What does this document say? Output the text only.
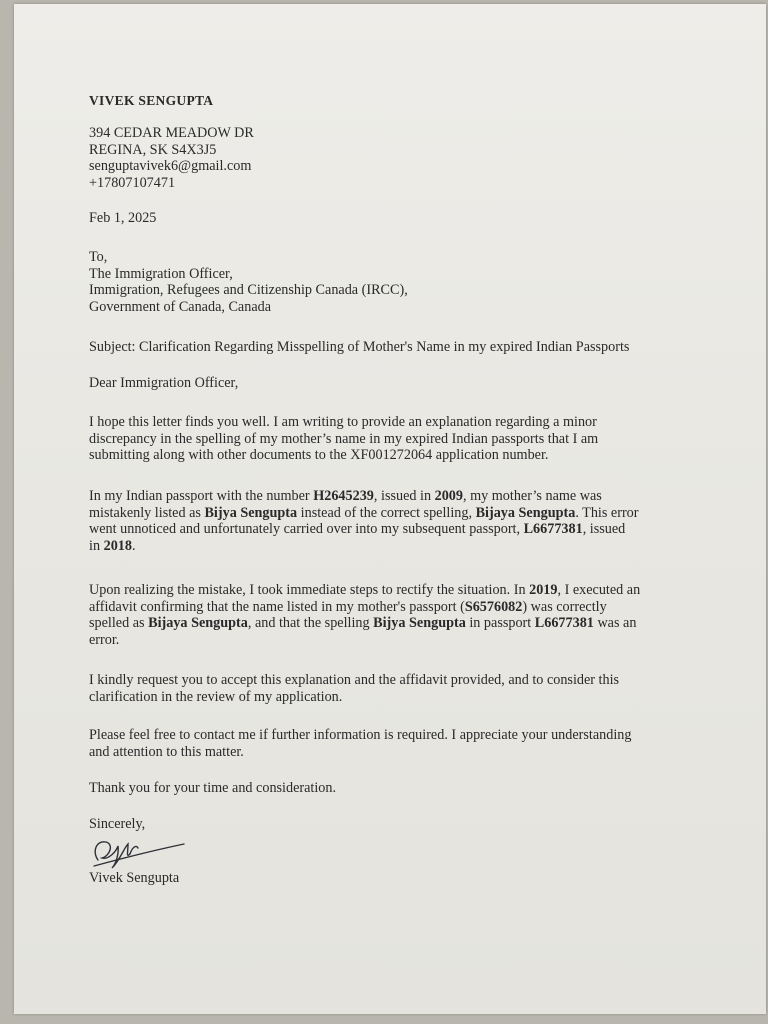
VIVEK SENGUPTA
394 CEDAR MEADOW DR
REGINA, SK S4X3J5
senguptavivek6@gmail.com
+17807107471
Feb 1, 2025
To,
The Immigration Officer,
Immigration, Refugees and Citizenship Canada (IRCC),
Government of Canada, Canada
Subject: Clarification Regarding Misspelling of Mother's Name in my expired Indian Passports
Dear Immigration Officer,
I hope this letter finds you well. I am writing to provide an explanation regarding a minor
discrepancy in the spelling of my mother’s name in my expired Indian passports that I am
submitting along with other documents to the XF001272064 application number.
In my Indian passport with the number H2645239, issued in 2009, my mother’s name was
mistakenly listed as Bijya Sengupta instead of the correct spelling, Bijaya Sengupta. This error
went unnoticed and unfortunately carried over into my subsequent passport, L6677381, issued
in 2018.
Upon realizing the mistake, I took immediate steps to rectify the situation. In 2019, I executed an
affidavit confirming that the name listed in my mother's passport (S6576082) was correctly
spelled as Bijaya Sengupta, and that the spelling Bijya Sengupta in passport L6677381 was an
error.
I kindly request you to accept this explanation and the affidavit provided, and to consider this
clarification in the review of my application.
Please feel free to contact me if further information is required. I appreciate your understanding
and attention to this matter.
Thank you for your time and consideration.
Sincerely,
Vivek Sengupta
